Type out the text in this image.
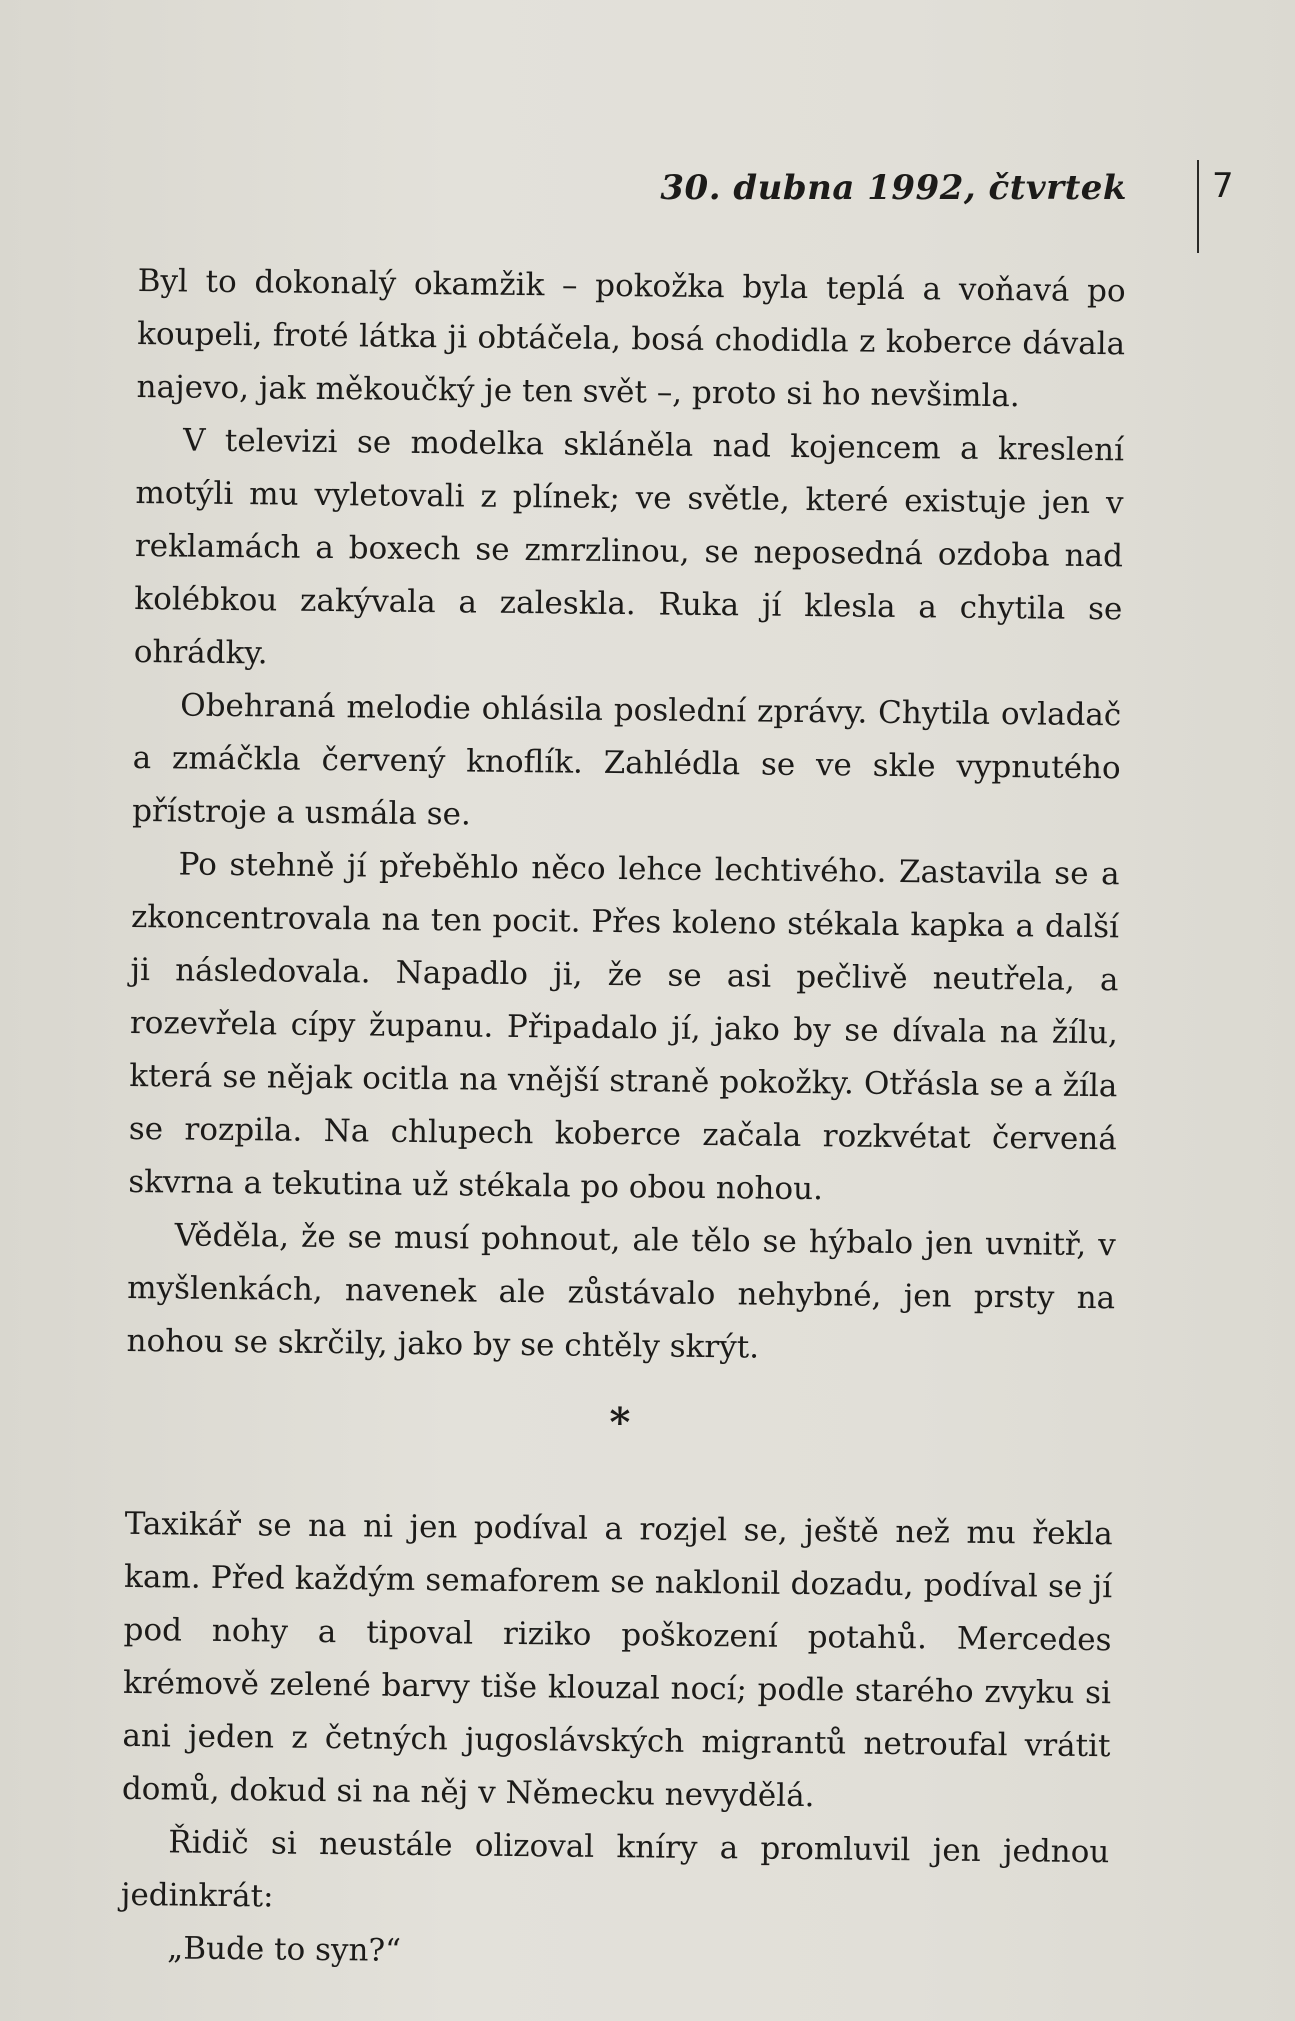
30. dubna 1992, čtvrtek	7

Byl to dokonalý okamžik – pokožka byla teplá a voňavá po koupeli, froté látka ji obtáčela, bosá chodidla z koberce dávala najevo, jak měkoučký je ten svět –, proto si ho nevšimla.

V televizi se modelka skláněla nad kojencem a kreslení motýli mu vyletovali z plínek; ve světle, které existuje jen v reklamách a boxech se zmrzlinou, se neposedná ozdoba nad kolébkou zakývala a zaleskla. Ruka jí klesla a chytila se ohrádky.

Obehraná melodie ohlásila poslední zprávy. Chytila ovladač a zmáčkla červený knoflík. Zahlédla se ve skle vypnutého přístroje a usmála se.

Po stehně jí přeběhlo něco lehce lechtivého. Zastavila se a zkoncentrovala na ten pocit. Přes koleno stékala kapka a další ji následovala. Napadlo ji, že se asi pečlivě neutřela, a rozevřela cípy županu. Připadalo jí, jako by se dívala na žílu, která se nějak ocitla na vnější straně pokožky. Otřásla se a žíla se rozpila. Na chlupech koberce začala rozkvétat červená skvrna a tekutina už stékala po obou nohou.

Věděla, že se musí pohnout, ale tělo se hýbalo jen uvnitř, v myšlenkách, navenek ale zůstávalo nehybné, jen prsty na nohou se skrčily, jako by se chtěly skrýt.

*

Taxikář se na ni jen podíval a rozjel se, ještě než mu řekla kam. Před každým semaforem se naklonil dozadu, podíval se jí pod nohy a tipoval riziko poškození potahů. Mercedes krémově zelené barvy tiše klouzal nocí; podle starého zvyku si ani jeden z četných jugoslávských migrantů netroufal vrátit domů, dokud si na něj v Německu nevydělá.

Řidič si neustále olizoval kníry a promluvil jen jednou jedinkrát:

„Bude to syn?“
